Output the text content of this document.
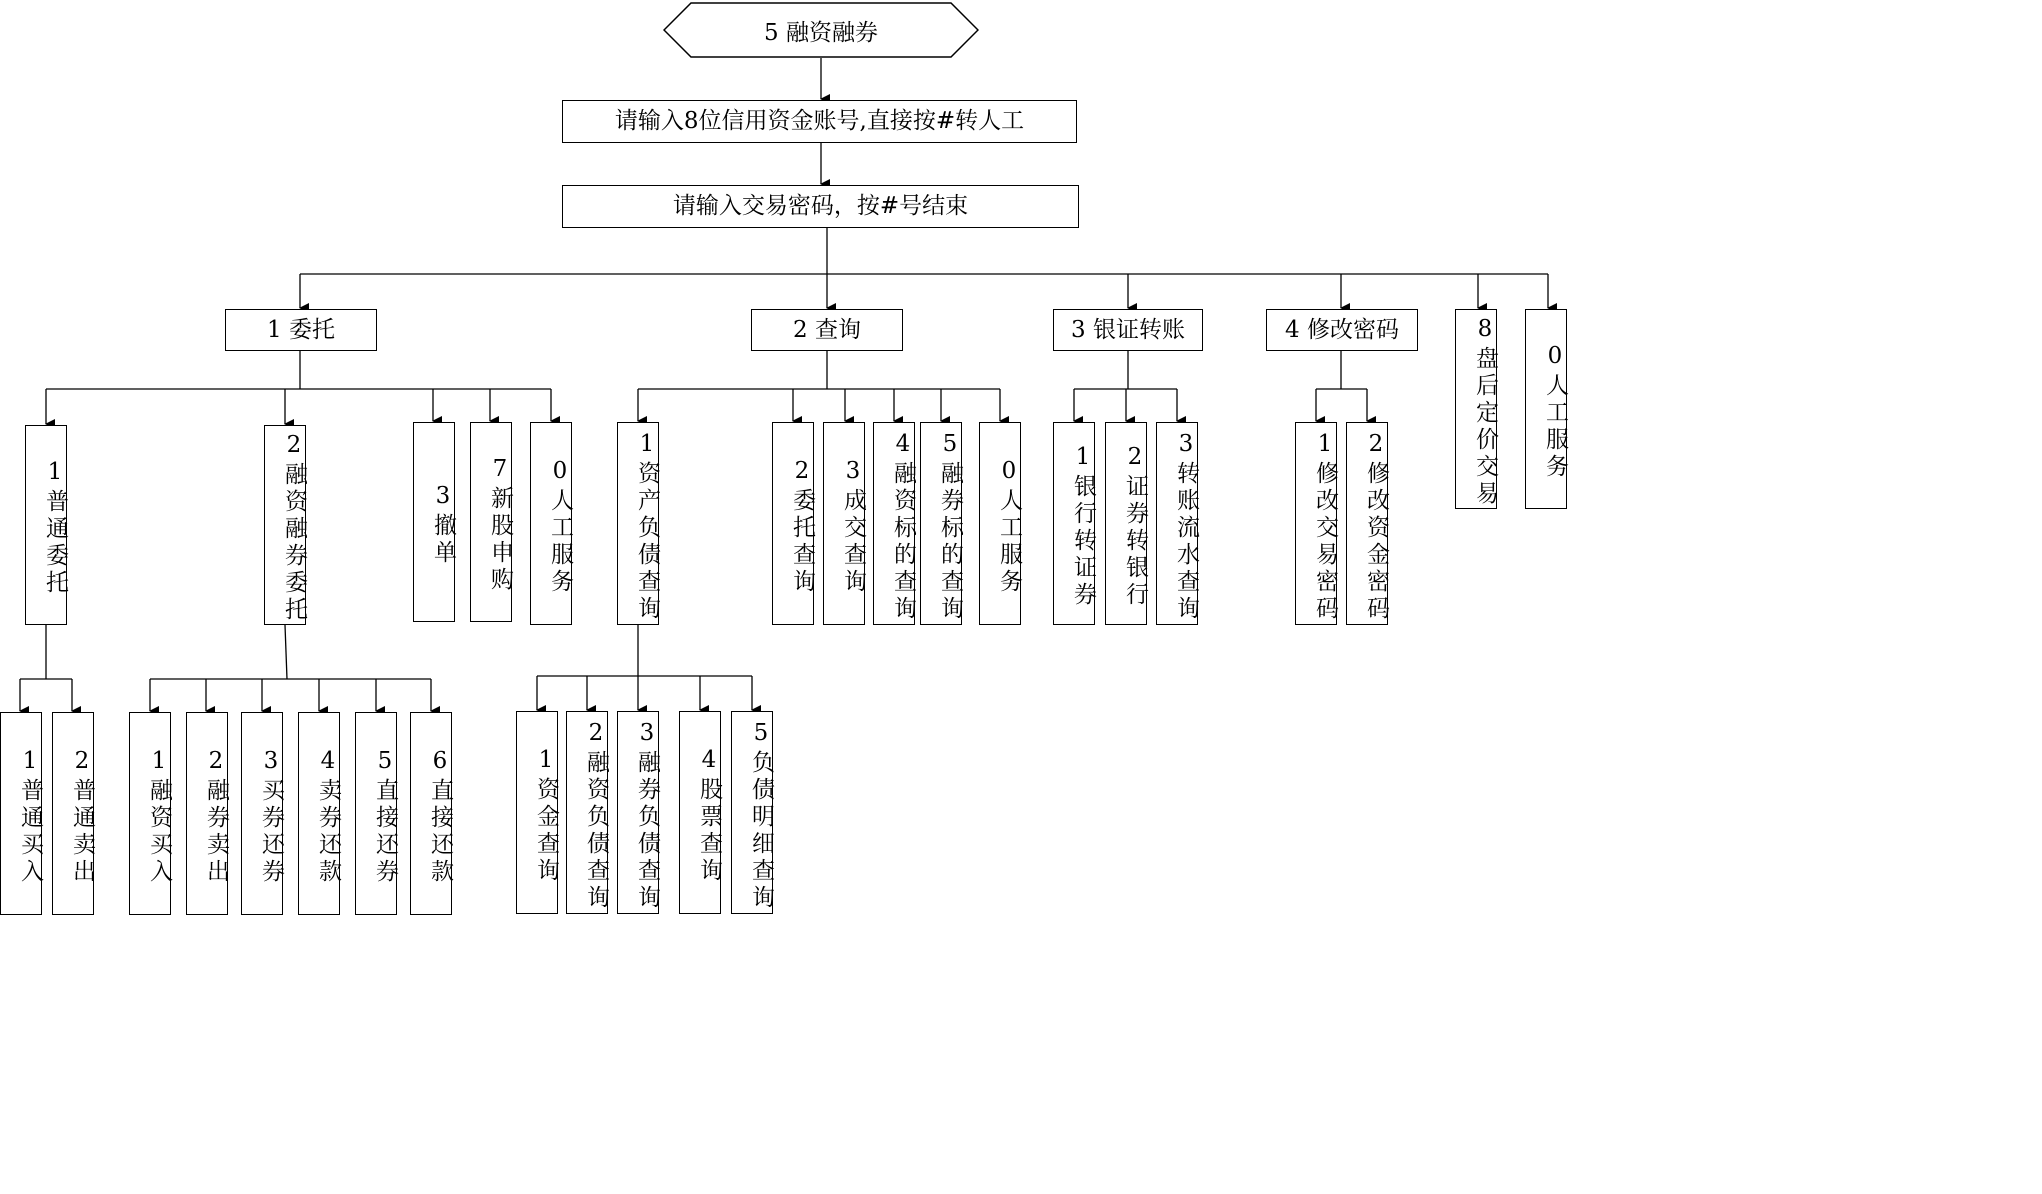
5 融资融券
请输入8位信用资金账号,直接按#转人工
请输入交易密码，按#号结束
1 委托	2 查询	3 银证转账	4 修改密码	8盘后定价交易	0人工服务
1普通委托	2融资融券委托	3撤单	7新股申购	0人工服务	1资产负债查询	2委托查询	3成交查询	4融资标的查询 5融券标的查询	0人工服务	1银行转证券	2证券转银行	3转账流水查询	1修改交易密码	2修改资金密码
1普通买入	2普通卖出	1融资买入	2融券卖出	3买券还券	4卖券还款	5直接还券	6直接还款	1资金查询	2融资负债查询	3融券负债查询	4股票查询	5负债明细查询
